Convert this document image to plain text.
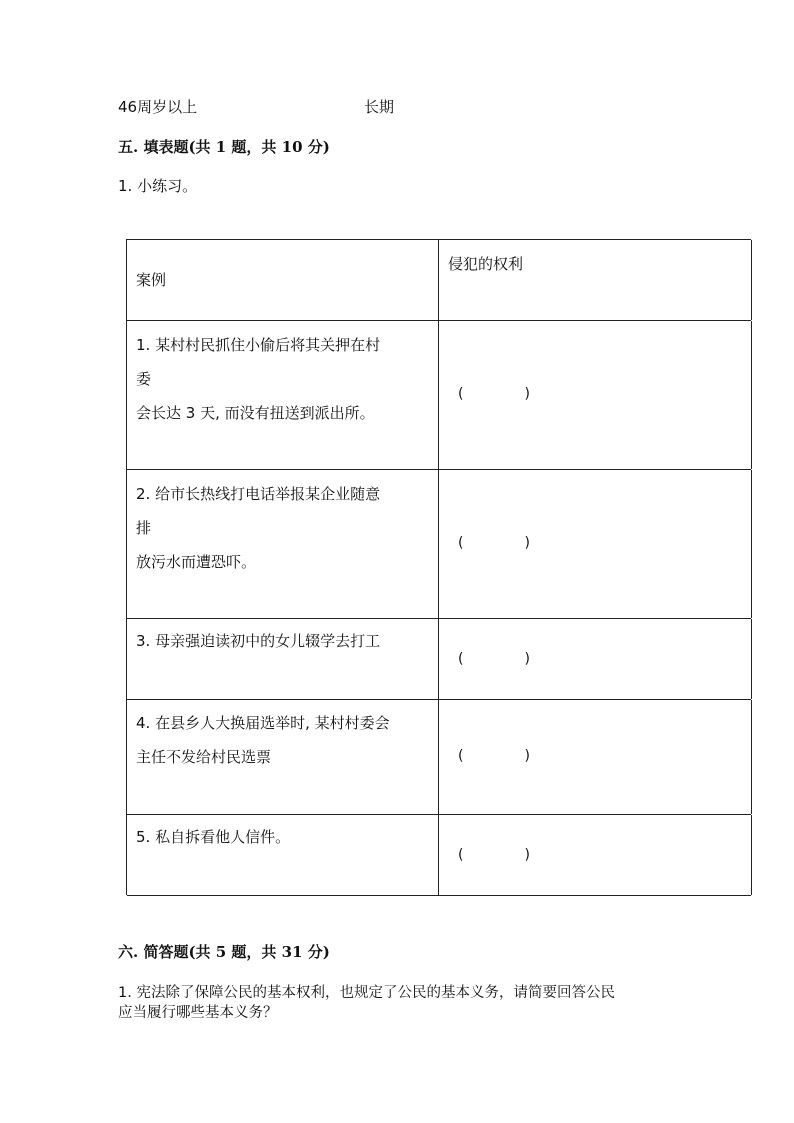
46周岁以上	长期
五. 填表题(共 1 题，共 10 分)
1. 小练习。
案例
侵犯的权利
1. 某村村民抓住小偷后将其关押在村
委
会长达 3 天, 而没有扭送到派出所。
(	)
2. 给市长热线打电话举报某企业随意
排
放污水而遭恐吓。
(	)
3. 母亲强迫读初中的女儿辍学去打工
(	)
4. 在县乡人大换届选举时, 某村村委会
主任不发给村民选票	(	)
5. 私自拆看他人信件。
(	)
六. 简答题(共 5 题，共 31 分)
1. 宪法除了保障公民的基本权利，也规定了公民的基本义务，请简要回答公民
应当履行哪些基本义务？
